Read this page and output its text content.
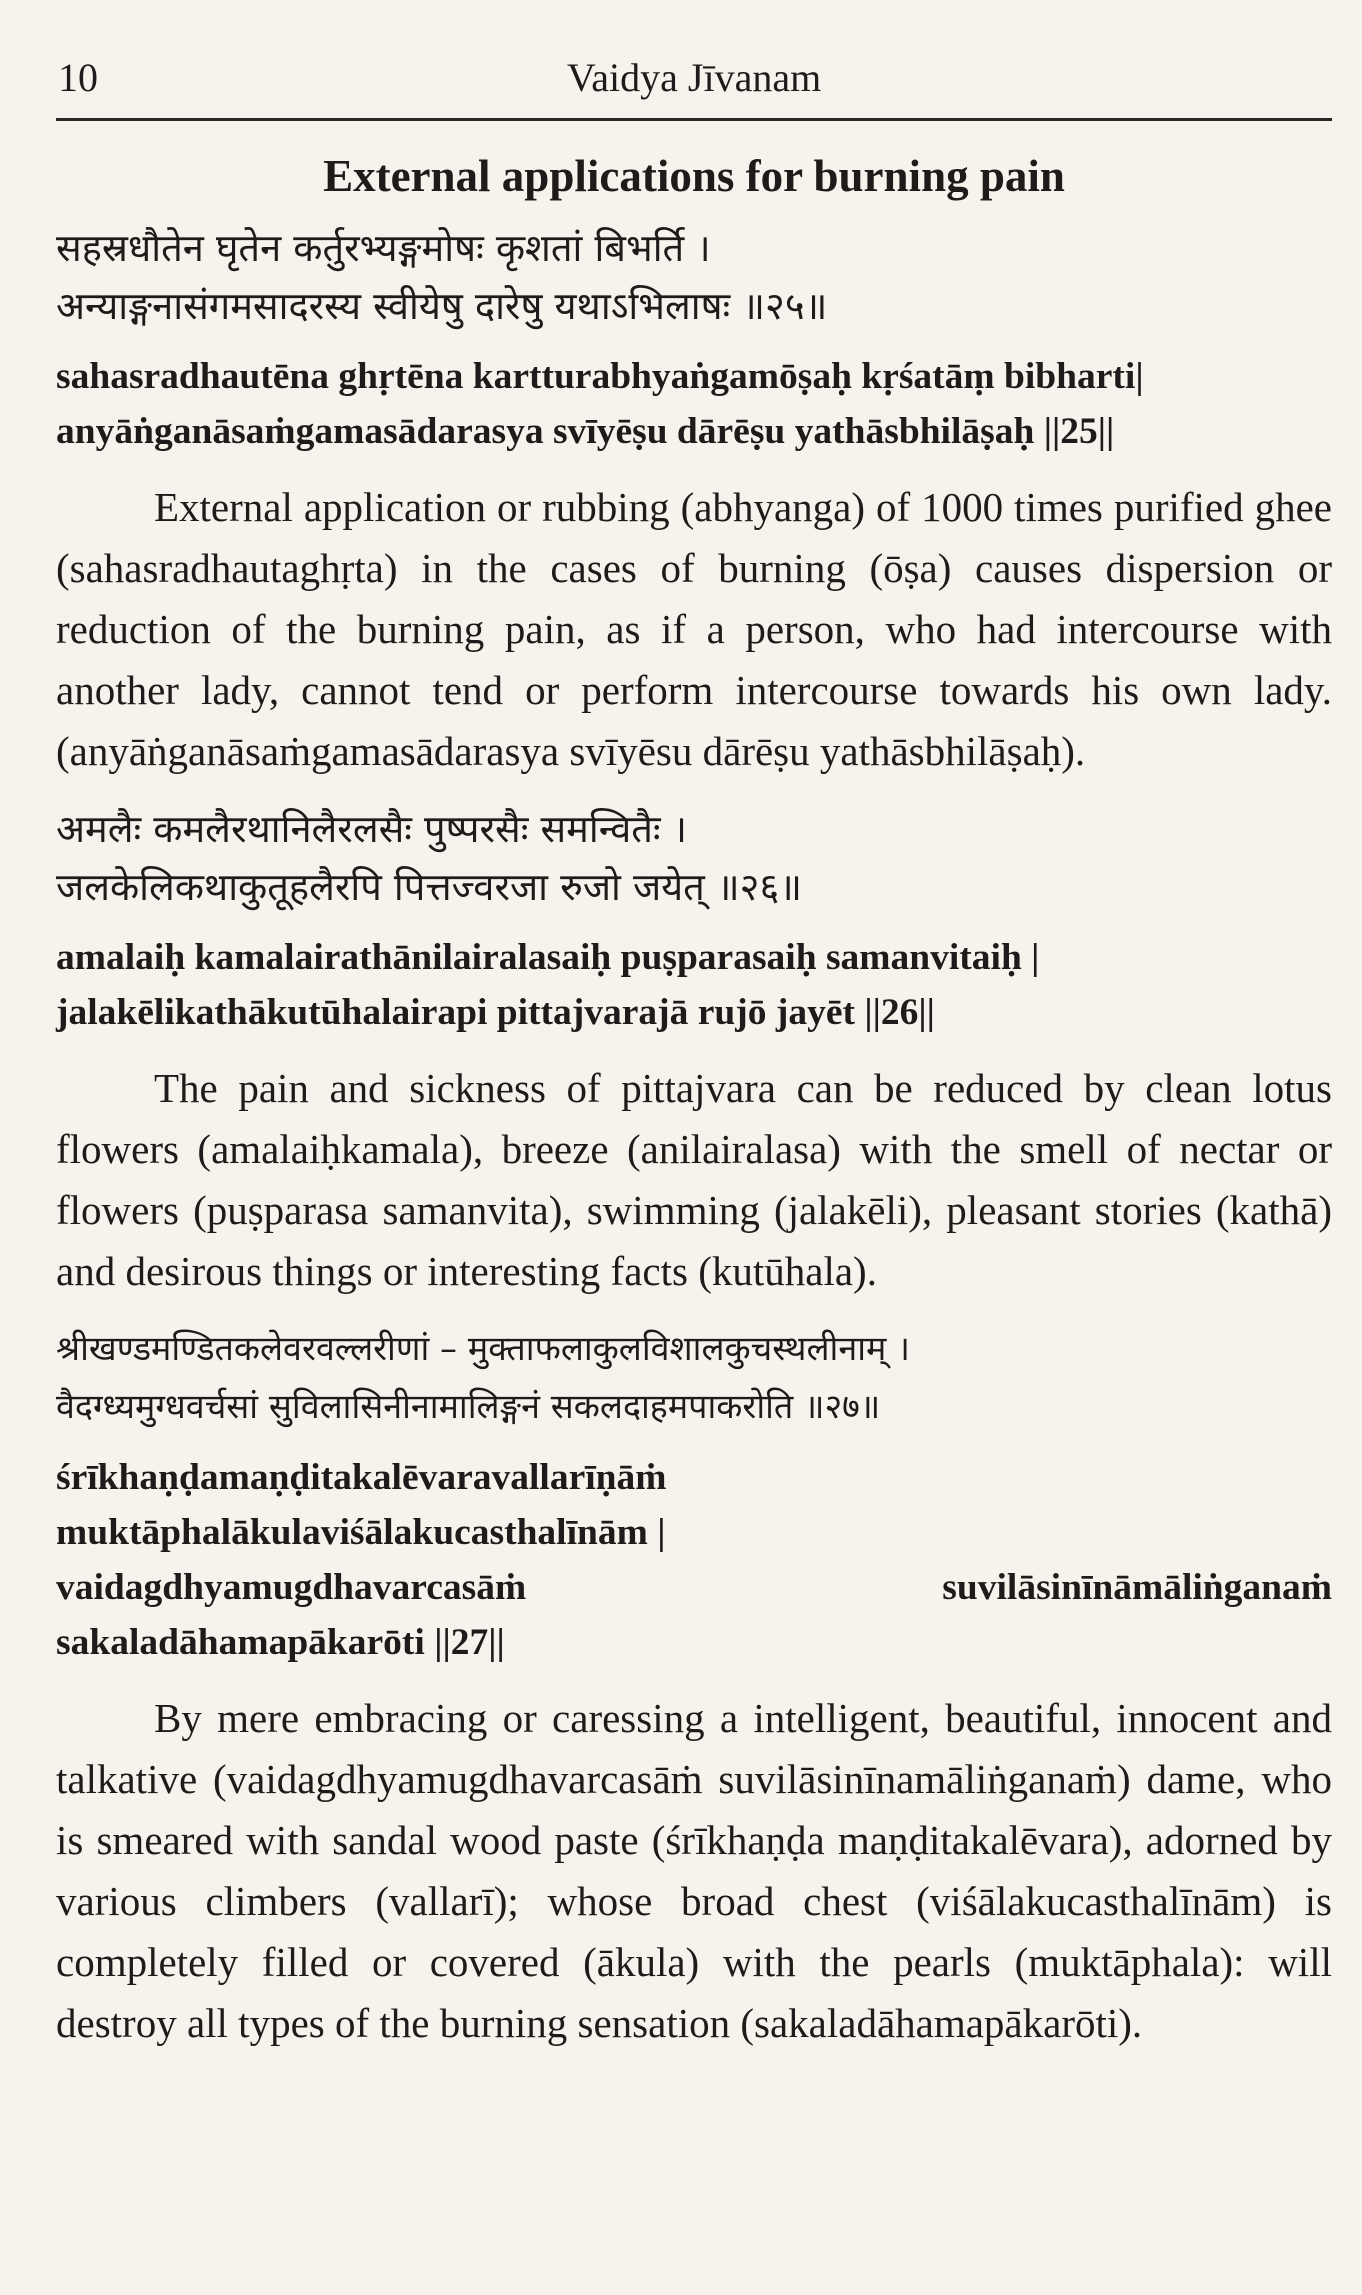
10	Vaidya Jīvanam
External applications for burning pain

सहस्रधौतेन घृतेन कर्तुरभ्यङ्गमोषः कृशतां बिभर्ति ।

अन्याङ्गनासंगमसादरस्य स्वीयेषु दारेषु यथाऽभिलाषः ॥२५॥

sahasradhautēna ghṛtēna kartturabhyaṅgamōṣaḥ kṛśatāṃ bibharti|
anyāṅganāsaṁgamasādarasya svīyēṣu dārēṣu yathāsbhilāṣaḥ ||25||

External application or rubbing (abhyanga) of 1000 times purified ghee (sahasradhautaghṛta) in the cases of burning (ōṣa) causes dispersion or reduction of the burning pain, as if a person, who had intercourse with another lady, cannot tend or perform intercourse towards his own lady. (anyāṅganāsaṁgamasādarasya svīyēsu dārēṣu yathāsbhilāṣaḥ).

अमलैः कमलैरथानिलैरलसैः पुष्परसैः समन्वितैः ।

जलकेलिकथाकुतूहलैरपि पित्तज्वरजा रुजो जयेत् ॥२६॥

amalaiḥ kamalairathānilairalasaiḥ puṣparasaiḥ samanvitaiḥ |
jalakēlikathākutūhalairapi pittajvarajā rujō jayēt ||26||

The pain and sickness of pittajvara can be reduced by clean lotus flowers (amalaiḥkamala), breeze (anilairalasa) with the smell of nectar or flowers (puṣparasa samanvita), swimming (jalakēli), pleasant stories (kathā) and desirous things or interesting facts (kutūhala).

श्रीखण्डमण्डितकलेवरवल्लरीणां – मुक्ताफलाकुलविशालकुचस्थलीनाम् ।

वैदग्ध्यमुग्धवर्चसां सुविलासिनीनामालिङ्गनं सकलदाहमपाकरोति ॥२७॥

śrīkhaṇḍamaṇḍitakalēvaravallarīṇāṁ
muktāphalākulaviśālakucasthalīnām |
vaidagdhyamugdhavarcasāṁ suvilāsinīnāmāliṅganaṁ
sakaladāhamapākarōti ||27||

By mere embracing or caressing a intelligent, beautiful, innocent and talkative (vaidagdhyamugdhavarcasāṁ suvilāsinīnamāliṅganaṁ) dame, who is smeared with sandal wood paste (śrīkhaṇḍa maṇḍitakalēvara), adorned by various climbers (vallarī); whose broad chest (viśālakucasthalīnām) is completely filled or covered (ākula) with the pearls (muktāphala): will destroy all types of the burning sensation (sakaladāhamapākarōti).
